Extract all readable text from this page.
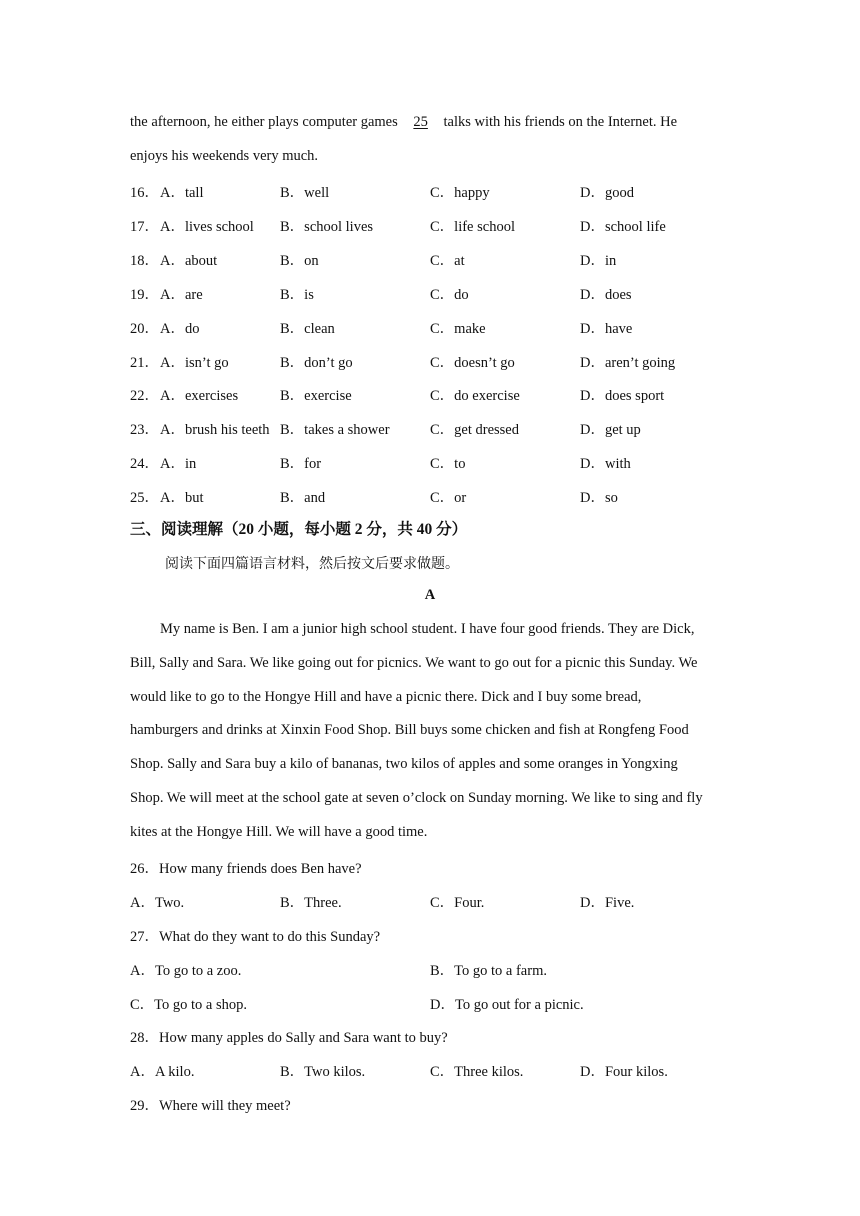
the afternoon, he either plays computer games 25 talks with his friends on the Internet. He
enjoys his weekends very much.
16． A．tall	B．well	C．happy	D．good
17． A．lives school B．school lives	C．life school	D．school life
18． A．about	B．on	C．at	D．in
19． A．are	B．is	C．do	D．does
20． A．do	B．clean	C．make	D．have
21． A．isn’t go	B．don’t go	C．doesn’t go	D．aren’t going
22． A．exercises	B．exercise	C．do exercise	D．does sport
23． A．brush his teeth B．takes a shower	C．get dressed	D．get up
24． A．in	B．for	C．to	D．with
25． A．but	B．and	C．or	D．so
三、阅读理解（20 小题，每小题 2 分，共 40 分）
阅读下面四篇语言材料，然后按文后要求做题。
A
My name is Ben. I am a junior high school student. I have four good friends. They are Dick,
Bill, Sally and Sara. We like going out for picnics. We want to go out for a picnic this Sunday. We
would like to go to the Hongye Hill and have a picnic there. Dick and I buy some bread,
hamburgers and drinks at Xinxin Food Shop. Bill buys some chicken and fish at Rongfeng Food
Shop. Sally and Sara buy a kilo of bananas, two kilos of apples and some oranges in Yongxing
Shop. We will meet at the school gate at seven o’clock on Sunday morning. We like to sing and fly
kites at the Hongye Hill. We will have a good time.
26．How many friends does Ben have?
A．Two.	B．Three.	C．Four.	D．Five.
27．What do they want to do this Sunday?
A．To go to a zoo.	B．To go to a farm.
C．To go to a shop.	D．To go out for a picnic.
28．How many apples do Sally and Sara want to buy?
A．A kilo.	B．Two kilos.	C．Three kilos.	D．Four kilos.
29．Where will they meet?
